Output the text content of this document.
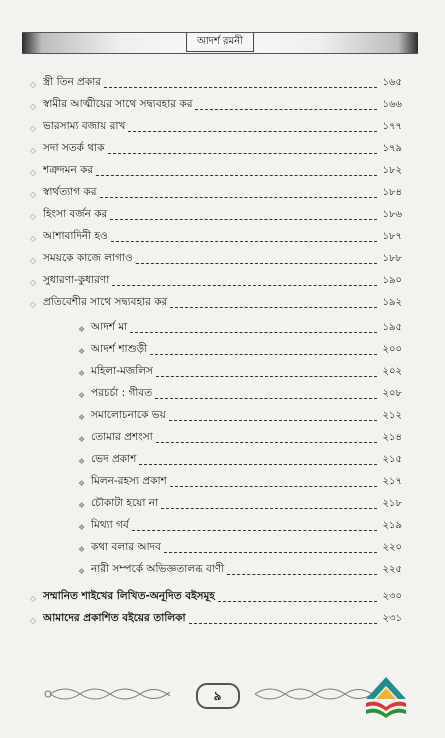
আদর্শ রমনী
◇ স্ত্রী তিন প্রকার	১৬৫
◇ স্বামীর আত্মীয়ের সাথে সদ্ব্যবহার কর	১৬৬
◇ ভারসাম্য বজায় রাখ	১৭৭
◇ সদা সতর্ক থাক	১৭৯
◇ শত্রুদমন কর	১৮২
◇ স্বার্থত্যাগ কর	১৮৪
◇ হিংসা বর্জন কর	১৮৬
◇ আশাবাদিনী হও	১৮৭
◇ সময়কে কাজে লাগাও	১৮৮
◇ সুধারণা-কুধারণা	১৯০
◇ প্রতিবেশীর সাথে সদ্ব্যবহার কর	১৯২
❖ আদর্শ মা	১৯৫
❖ আদর্শ শাশুড়ী	২০০
❖ মহিলা-মজলিস	২০২
❖ পরচর্চা : গীবত	২০৮
❖ সমালোচনাকে ভয়	২১২
❖ তোমার প্রশংসা	২১৪
❖ ভেদ প্রকাশ	২১৫
❖ মিলন-রহস্য প্রকাশ	২১৭
❖ চৌকাটা হয়ো না	২১৮
❖ মিথ্যা গর্ব	২১৯
❖ কথা বলার আদব	২২০
❖ নারী সম্পর্কে অভিজ্ঞতালব্ধ বাণী	২২৫
◇ সম্মানিত শাইখের লিখিত-অনূদিত বইসমূহ	২৩০
◇ আমাদের প্রকাশিত বইয়ের তালিকা	২৩১
৯
